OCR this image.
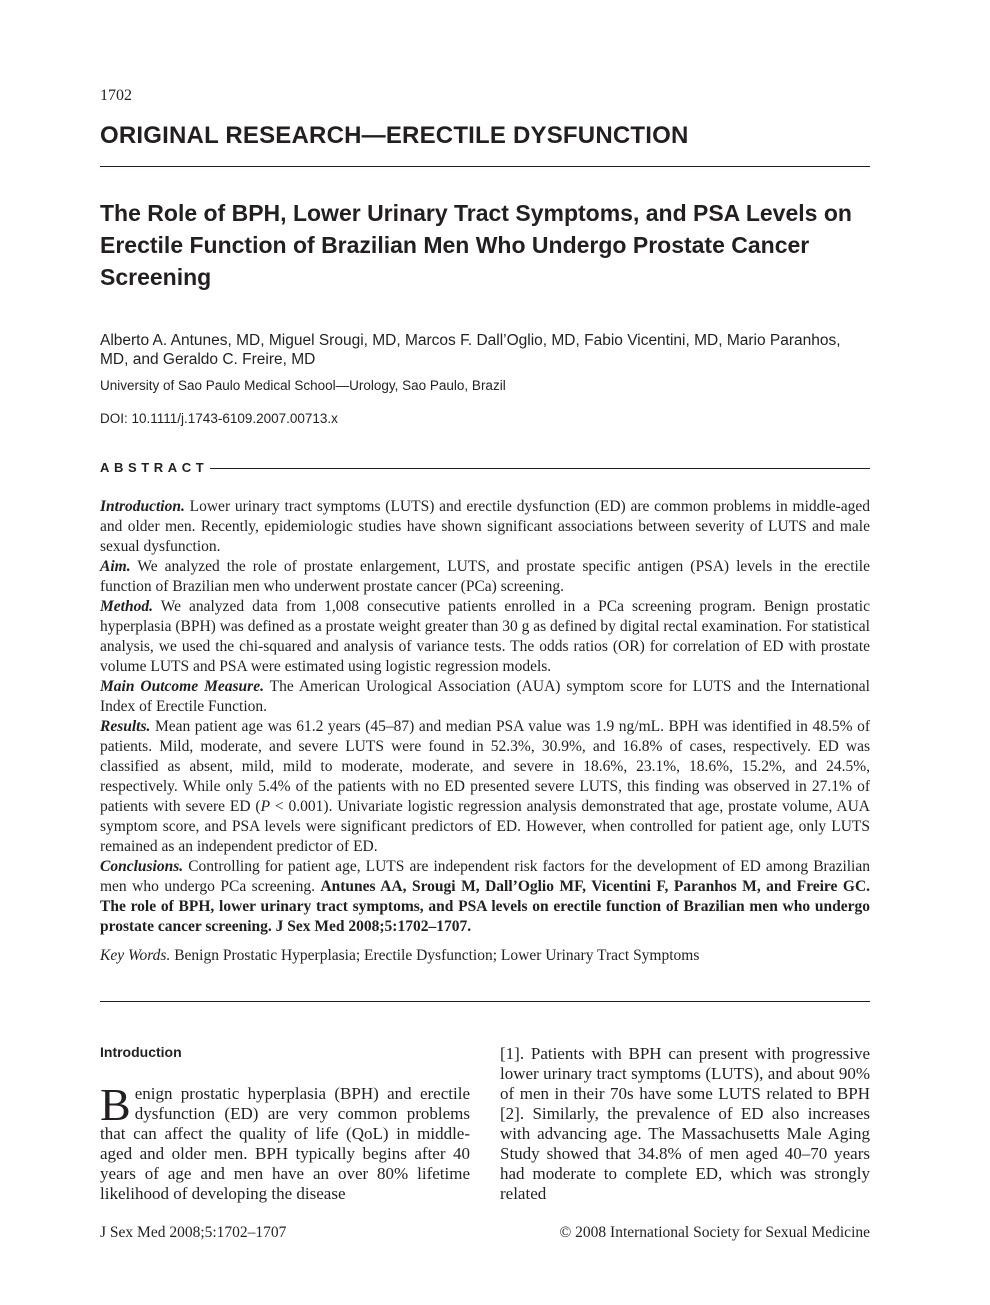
1702
ORIGINAL RESEARCH—ERECTILE DYSFUNCTION
The Role of BPH, Lower Urinary Tract Symptoms, and PSA Levels on Erectile Function of Brazilian Men Who Undergo Prostate Cancer Screening
Alberto A. Antunes, MD, Miguel Srougi, MD, Marcos F. Dall’Oglio, MD, Fabio Vicentini, MD, Mario Paranhos, MD, and Geraldo C. Freire, MD
University of Sao Paulo Medical School—Urology, Sao Paulo, Brazil
DOI: 10.1111/j.1743-6109.2007.00713.x
ABSTRACT

Introduction. Lower urinary tract symptoms (LUTS) and erectile dysfunction (ED) are common problems in middle-aged and older men. Recently, epidemiologic studies have shown significant associations between severity of LUTS and male sexual dysfunction.

Aim. We analyzed the role of prostate enlargement, LUTS, and prostate specific antigen (PSA) levels in the erectile function of Brazilian men who underwent prostate cancer (PCa) screening.

Method. We analyzed data from 1,008 consecutive patients enrolled in a PCa screening program. Benign prostatic hyperplasia (BPH) was defined as a prostate weight greater than 30 g as defined by digital rectal examination. For statistical analysis, we used the chi-squared and analysis of variance tests. The odds ratios (OR) for correlation of ED with prostate volume LUTS and PSA were estimated using logistic regression models.

Main Outcome Measure. The American Urological Association (AUA) symptom score for LUTS and the International Index of Erectile Function.

Results. Mean patient age was 61.2 years (45–87) and median PSA value was 1.9 ng/mL. BPH was identified in 48.5% of patients. Mild, moderate, and severe LUTS were found in 52.3%, 30.9%, and 16.8% of cases, respectively. ED was classified as absent, mild, mild to moderate, moderate, and severe in 18.6%, 23.1%, 18.6%, 15.2%, and 24.5%, respectively. While only 5.4% of the patients with no ED presented severe LUTS, this finding was observed in 27.1% of patients with severe ED (P < 0.001). Univariate logistic regression analysis demonstrated that age, prostate volume, AUA symptom score, and PSA levels were significant predictors of ED. However, when controlled for patient age, only LUTS remained as an independent predictor of ED.

Conclusions. Controlling for patient age, LUTS are independent risk factors for the development of ED among Brazilian men who undergo PCa screening. Antunes AA, Srougi M, Dall’Oglio MF, Vicentini F, Paranhos M, and Freire GC. The role of BPH, lower urinary tract symptoms, and PSA levels on erectile function of Brazilian men who undergo prostate cancer screening. J Sex Med 2008;5:1702–1707.

Key Words. Benign Prostatic Hyperplasia; Erectile Dysfunction; Lower Urinary Tract Symptoms
Introduction

Benign prostatic hyperplasia (BPH) and erectile dysfunction (ED) are very common problems that can affect the quality of life (QoL) in middle-aged and older men. BPH typically begins after 40 years of age and men have an over 80% lifetime likelihood of developing the disease

[1]. Patients with BPH can present with progressive lower urinary tract symptoms (LUTS), and about 90% of men in their 70s have some LUTS related to BPH [2]. Similarly, the prevalence of ED also increases with advancing age. The Massachusetts Male Aging Study showed that 34.8% of men aged 40–70 years had moderate to complete ED, which was strongly related

J Sex Med 2008;5:1702–1707	© 2008 International Society for Sexual Medicine
